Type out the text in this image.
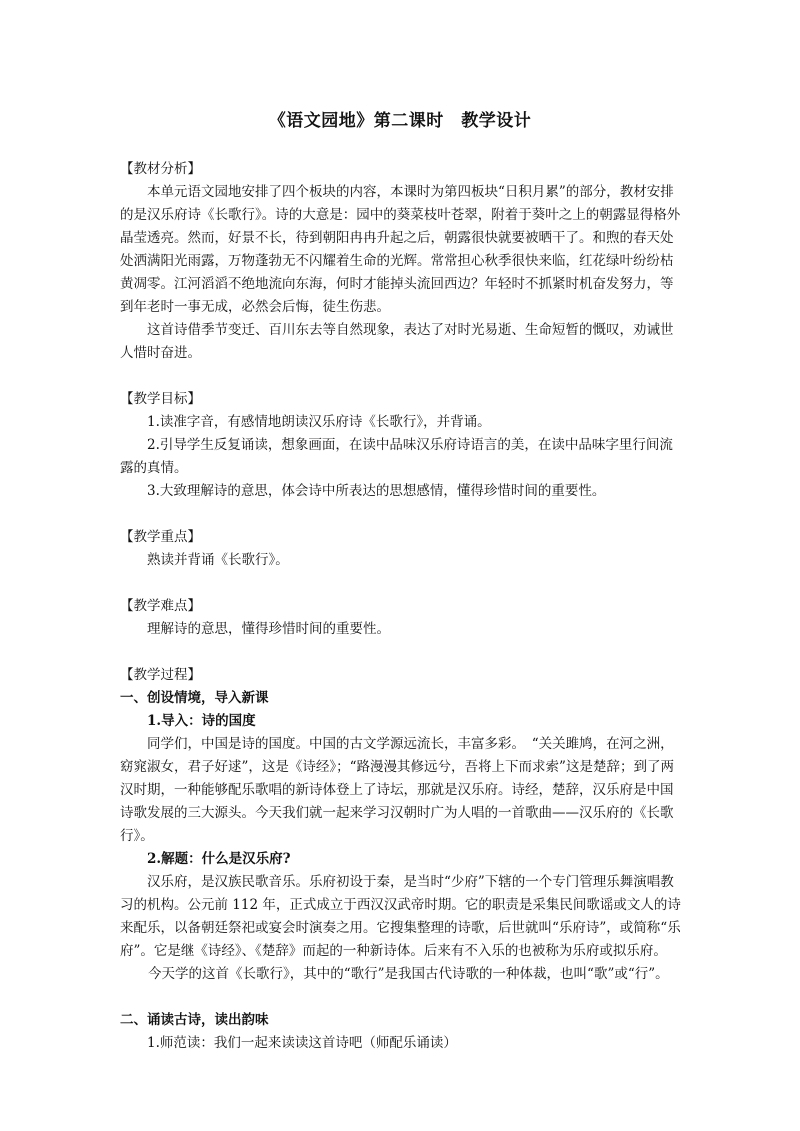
《语文园地》第二课时　教学设计

【教材分析】

本单元语文园地安排了四个板块的内容，本课时为第四板块“日积月累”的部分，教材安排的是汉乐府诗《长歌行》。诗的大意是：园中的葵菜枝叶苍翠，附着于葵叶之上的朝露显得格外晶莹透亮。然而，好景不长，待到朝阳冉冉升起之后，朝露很快就要被晒干了。和煦的春天处处洒满阳光雨露，万物蓬勃无不闪耀着生命的光辉。常常担心秋季很快来临，红花绿叶纷纷枯黄凋零。江河滔滔不绝地流向东海，何时才能掉头流回西边？年轻时不抓紧时机奋发努力，等到年老时一事无成，必然会后悔，徒生伤悲。

这首诗借季节变迁、百川东去等自然现象，表达了对时光易逝、生命短暂的慨叹，劝诫世人惜时奋进。

【教学目标】

1.读准字音，有感情地朗读汉乐府诗《长歌行》，并背诵。

2.引导学生反复诵读，想象画面，在读中品味汉乐府诗语言的美，在读中品味字里行间流露的真情。

3.大致理解诗的意思，体会诗中所表达的思想感情，懂得珍惜时间的重要性。

【教学重点】

熟读并背诵《长歌行》。

【教学难点】

理解诗的意思，懂得珍惜时间的重要性。

【教学过程】

一、创设情境，导入新课

1.导入：诗的国度

同学们，中国是诗的国度。中国的古文学源远流长，丰富多彩。　“关关雎鸠，在河之洲，窈窕淑女，君子好逑”，这是《诗经》；“路漫漫其修远兮，吾将上下而求索”这是楚辞；到了两汉时期，一种能够配乐歌唱的新诗体登上了诗坛，那就是汉乐府。诗经，楚辞，汉乐府是中国诗歌发展的三大源头。今天我们就一起来学习汉朝时广为人唱的一首歌曲——汉乐府的《长歌行》。

2.解题：什么是汉乐府?

汉乐府，是汉族民歌音乐。乐府初设于秦，是当时“少府”下辖的一个专门管理乐舞演唱教习的机构。公元前 112 年，正式成立于西汉汉武帝时期。它的职责是采集民间歌谣或文人的诗来配乐，以备朝廷祭祀或宴会时演奏之用。它搜集整理的诗歌，后世就叫“乐府诗”，或简称“乐府”。它是继《诗经》、《楚辞》而起的一种新诗体。后来有不入乐的也被称为乐府或拟乐府。

今天学的这首《长歌行》，其中的“歌行”是我国古代诗歌的一种体裁，也叫“歌”或“行”。

二、诵读古诗，读出韵味

1.师范读：我们一起来读读这首诗吧（师配乐诵读）
